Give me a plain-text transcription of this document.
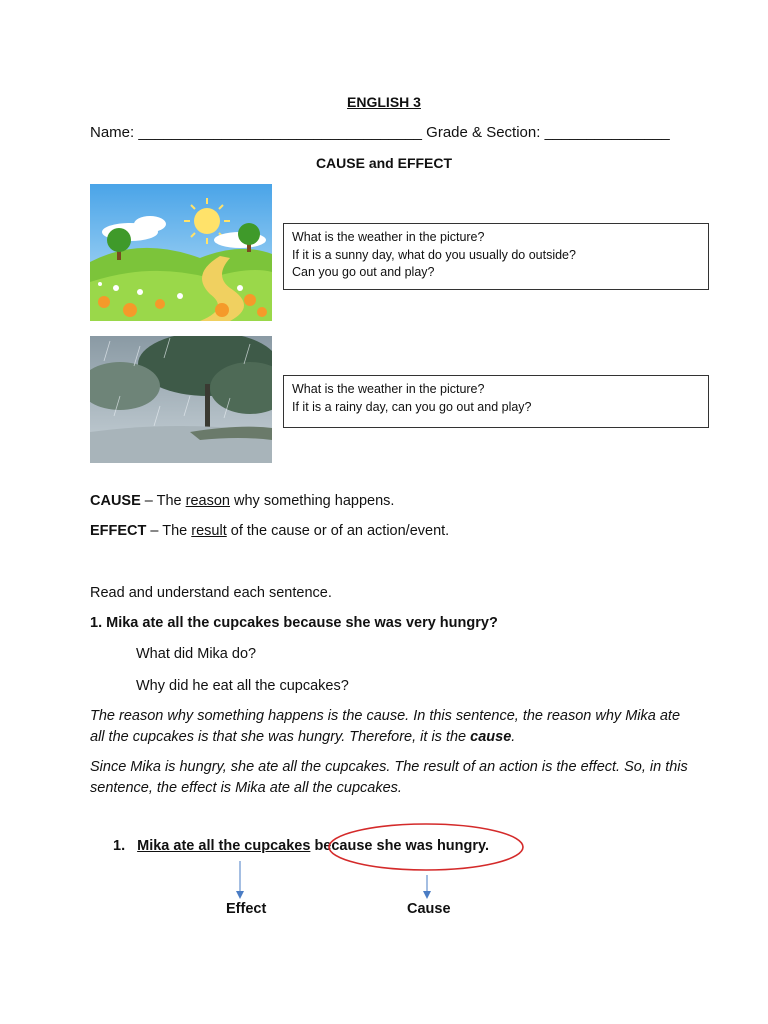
ENGLISH 3
Name: __________________________________ Grade & Section: _______________
CAUSE and EFFECT
What is the weather in the picture?
If it is a sunny day, what do you usually do outside?
Can you go out and play?
What is the weather in the picture?
If it is a rainy day, can you go out and play?
CAUSE – The reason why something happens.
EFFECT – The result of the cause or of an action/event.
Read and understand each sentence.
1. Mika ate all the cupcakes because she was very hungry?
What did Mika do?
Why did he eat all the cupcakes?
The reason why something happens is the cause. In this sentence, the reason why Mika ate all the cupcakes is that she was hungry. Therefore, it is the cause.
Since Mika is hungry, she ate all the cupcakes. The result of an action is the effect. So, in this sentence, the effect is Mika ate all the cupcakes.
1. Mika ate all the cupcakes because she was hungry.
Effect	Cause
